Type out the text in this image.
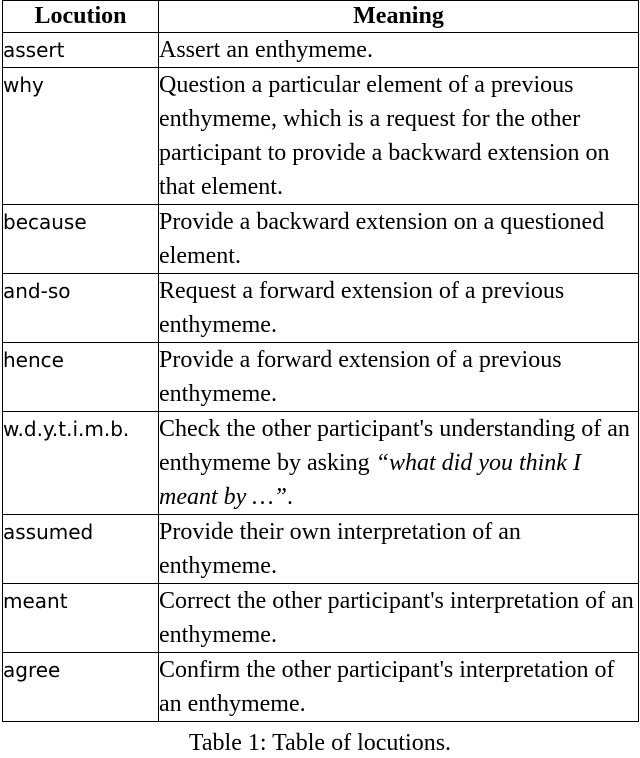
Locution	Meaning
assert	Assert an enthymeme.
why	Question a particular element of a previous enthymeme, which is a request for the other participant to provide a backward extension on that element.
because	Provide a backward extension on a questioned element.
and-so	Request a forward extension of a previous enthymeme.
hence	Provide a forward extension of a previous enthymeme.
w.d.y.t.i.m.b.	Check the other participant's understanding of an enthymeme by asking “what did you think I meant by …”.
assumed	Provide their own interpretation of an enthymeme.
meant	Correct the other participant's interpretation of an enthymeme.
agree	Confirm the other participant's interpretation of an enthymeme.
Table 1: Table of locutions.
